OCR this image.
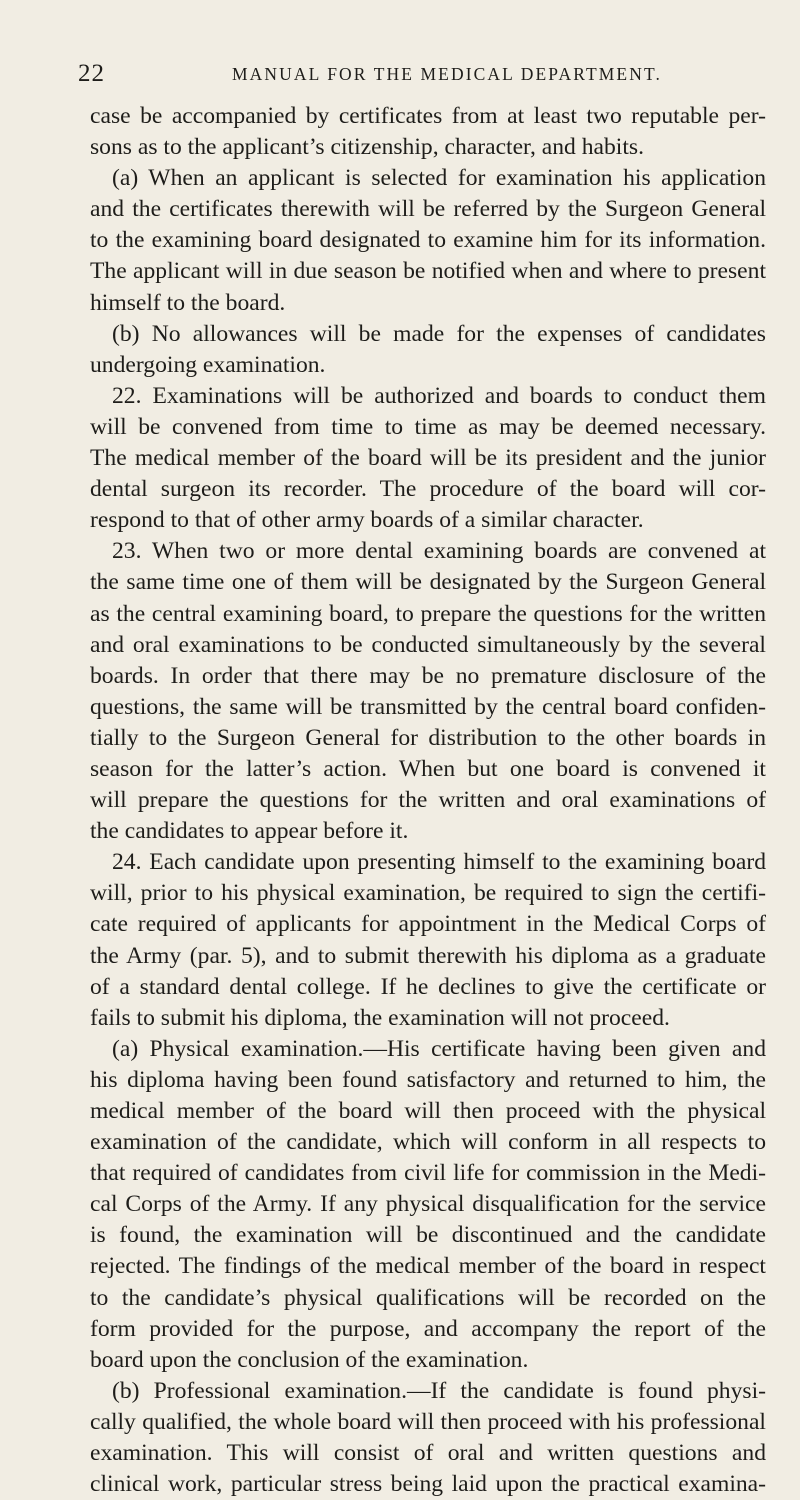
22	MANUAL FOR THE MEDICAL DEPARTMENT.
case be accompanied by certificates from at least two reputable per-
sons as to the applicant’s citizenship, character, and habits.
(a) When an applicant is selected for examination his application
and the certificates therewith will be referred by the Surgeon General
to the examining board designated to examine him for its information.
The applicant will in due season be notified when and where to present
himself to the board.
(b) No allowances will be made for the expenses of candidates
undergoing examination.
22. Examinations will be authorized and boards to conduct them
will be convened from time to time as may be deemed necessary.
The medical member of the board will be its president and the junior
dental surgeon its recorder. The procedure of the board will cor-
respond to that of other army boards of a similar character.
23. When two or more dental examining boards are convened at
the same time one of them will be designated by the Surgeon General
as the central examining board, to prepare the questions for the written
and oral examinations to be conducted simultaneously by the several
boards. In order that there may be no premature disclosure of the
questions, the same will be transmitted by the central board confiden-
tially to the Surgeon General for distribution to the other boards in
season for the latter’s action. When but one board is convened it
will prepare the questions for the written and oral examinations of
the candidates to appear before it.
24. Each candidate upon presenting himself to the examining board
will, prior to his physical examination, be required to sign the certifi-
cate required of applicants for appointment in the Medical Corps of
the Army (par. 5), and to submit therewith his diploma as a graduate
of a standard dental college. If he declines to give the certificate or
fails to submit his diploma, the examination will not proceed.
(a) Physical examination.—His certificate having been given and
his diploma having been found satisfactory and returned to him, the
medical member of the board will then proceed with the physical
examination of the candidate, which will conform in all respects to
that required of candidates from civil life for commission in the Medi-
cal Corps of the Army. If any physical disqualification for the service
is found, the examination will be discontinued and the candidate
rejected. The findings of the medical member of the board in respect
to the candidate’s physical qualifications will be recorded on the
form provided for the purpose, and accompany the report of the
board upon the conclusion of the examination.
(b) Professional examination.—If the candidate is found physi-
cally qualified, the whole board will then proceed with his professional
examination. This will consist of oral and written questions and
clinical work, particular stress being laid upon the practical examina-
